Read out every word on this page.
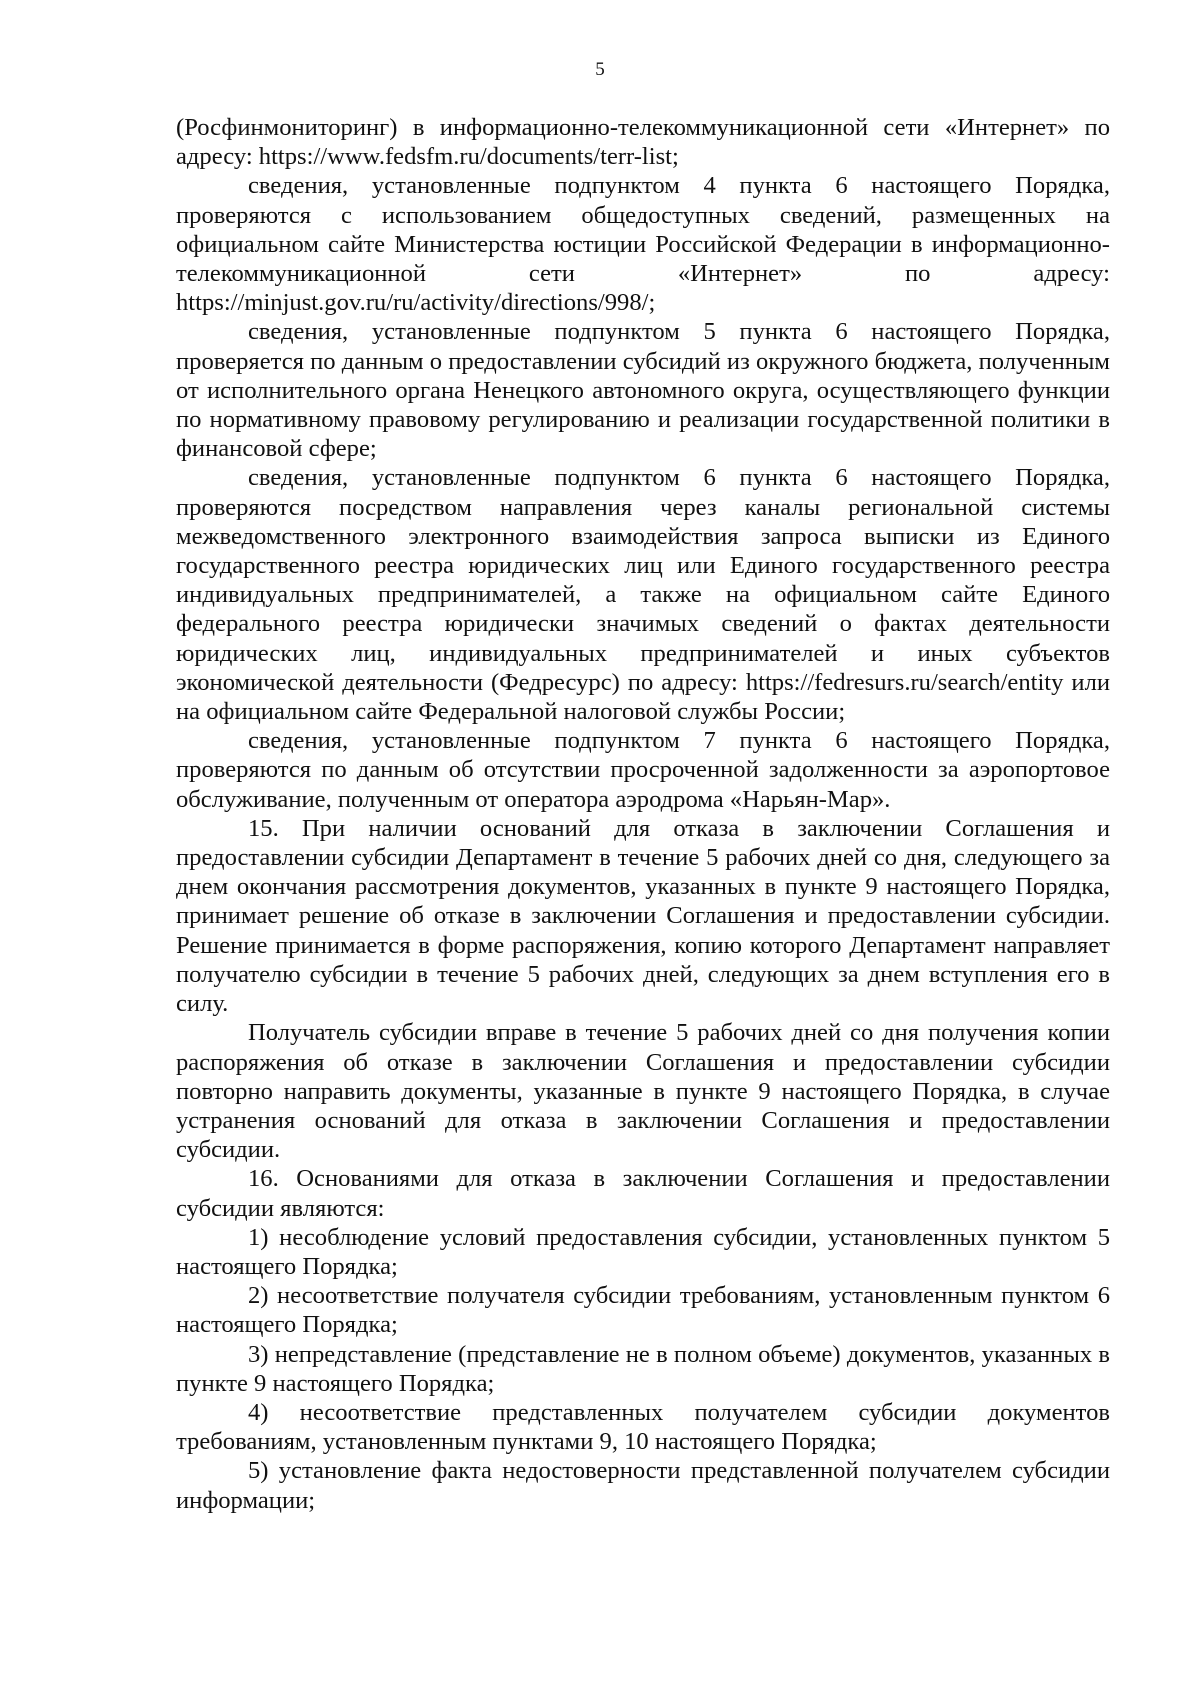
5

(Росфинмониторинг) в информационно-телекоммуникационной сети «Интернет» по адресу: https://www.fedsfm.ru/documents/terr-list;

сведения, установленные подпунктом 4 пункта 6 настоящего Порядка, проверяются с использованием общедоступных сведений, размещенных на официальном сайте Министерства юстиции Российской Федерации в информационно-телекоммуникационной сети «Интернет» по адресу: https://minjust.gov.ru/ru/activity/directions/998/;

сведения, установленные подпунктом 5 пункта 6 настоящего Порядка, проверяется по данным о предоставлении субсидий из окружного бюджета, полученным от исполнительного органа Ненецкого автономного округа, осуществляющего функции по нормативному правовому регулированию и реализации государственной политики в финансовой сфере;

сведения, установленные подпунктом 6 пункта 6 настоящего Порядка, проверяются посредством направления через каналы региональной системы межведомственного электронного взаимодействия запроса выписки из Единого государственного реестра юридических лиц или Единого государственного реестра индивидуальных предпринимателей, а также на официальном сайте Единого федерального реестра юридически значимых сведений о фактах деятельности юридических лиц, индивидуальных предпринимателей и иных субъектов экономической деятельности (Федресурс) по адресу: https://fedresurs.ru/search/entity или на официальном сайте Федеральной налоговой службы России;

сведения, установленные подпунктом 7 пункта 6 настоящего Порядка, проверяются по данным об отсутствии просроченной задолженности за аэропортовое обслуживание, полученным от оператора аэродрома «Нарьян-Мар».

15. При наличии оснований для отказа в заключении Соглашения и предоставлении субсидии Департамент в течение 5 рабочих дней со дня, следующего за днем окончания рассмотрения документов, указанных в пункте 9 настоящего Порядка, принимает решение об отказе в заключении Соглашения и предоставлении субсидии. Решение принимается в форме распоряжения, копию которого Департамент направляет получателю субсидии в течение 5 рабочих дней, следующих за днем вступления его в силу.

Получатель субсидии вправе в течение 5 рабочих дней со дня получения копии распоряжения об отказе в заключении Соглашения и предоставлении субсидии повторно направить документы, указанные в пункте 9 настоящего Порядка, в случае устранения оснований для отказа в заключении Соглашения и предоставлении субсидии.

16. Основаниями для отказа в заключении Соглашения и предоставлении субсидии являются:

1) несоблюдение условий предоставления субсидии, установленных пунктом 5 настоящего Порядка;

2) несоответствие получателя субсидии требованиям, установленным пунктом 6 настоящего Порядка;

3) непредставление (представление не в полном объеме) документов, указанных в пункте 9 настоящего Порядка;

4) несоответствие представленных получателем субсидии документов требованиям, установленным пунктами 9, 10 настоящего Порядка;

5) установление факта недостоверности представленной получателем субсидии информации;
